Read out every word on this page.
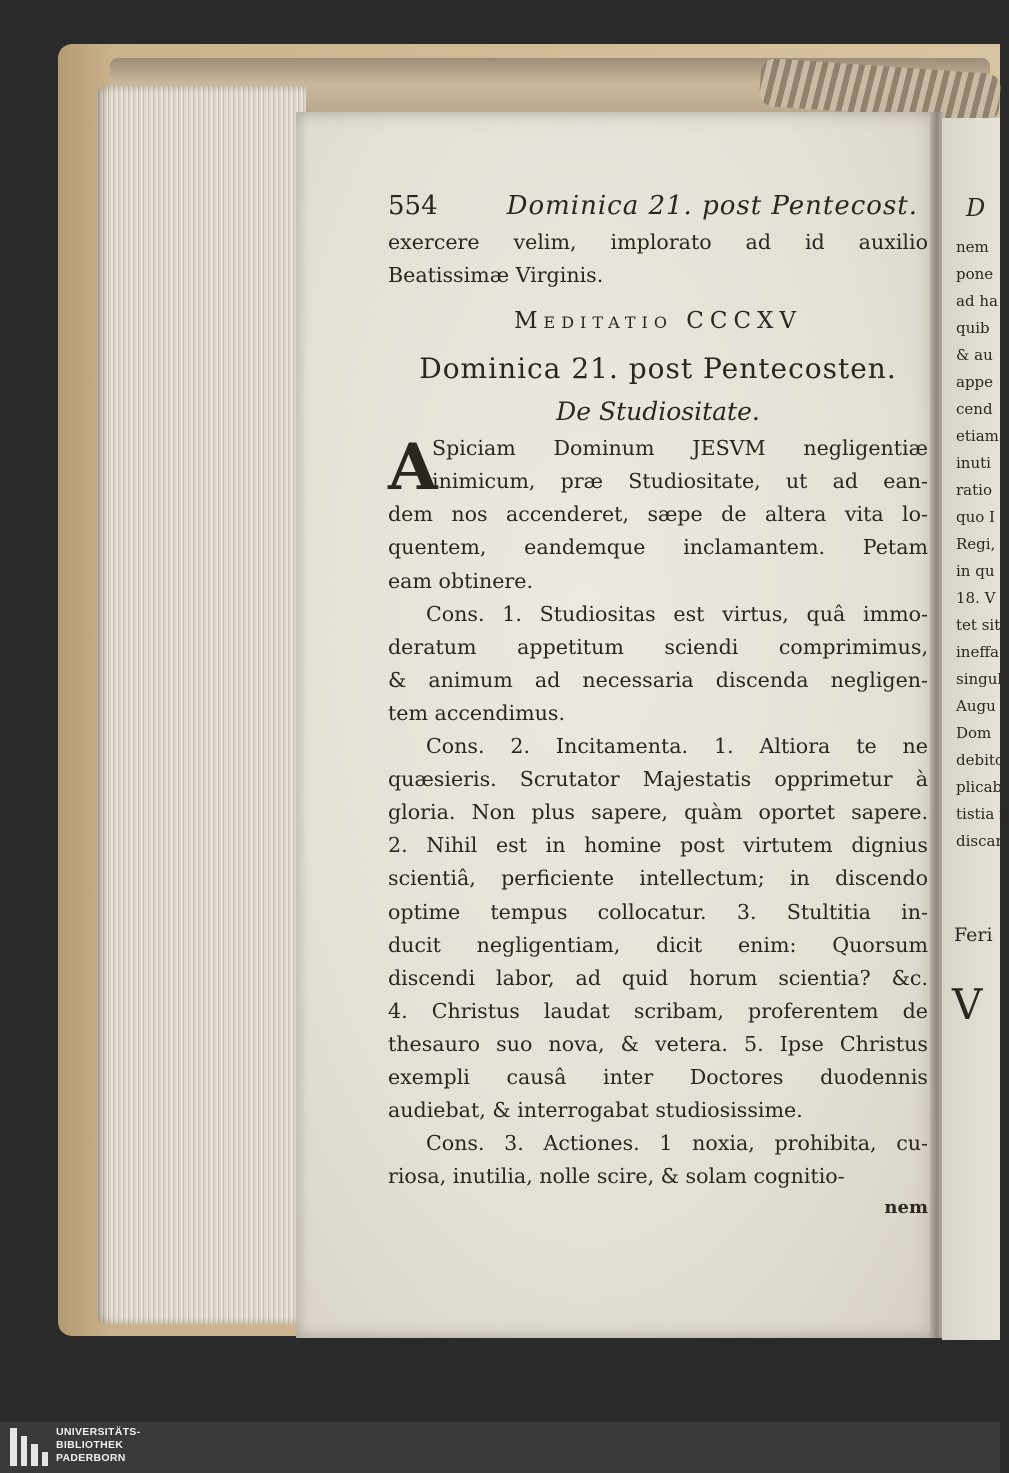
D
nem
pone
ad ha
quib
& au
appe
cend
etiam
inuti
ratio
quo I
Regi,
in qu
18. V
tet sit
ineffa
singul
Augu
Dom
debito
plicab
tistia n
discan
Feri
V
554	Dominica 21. post Pentecost.
exercere velim, implorato ad id auxilio
Beatissimæ Virginis.
Meditatio CCCXV
Dominica 21. post Pentecosten.
De Studiositate.
A
Spiciam Dominum JESVM negligentiæ
inimicum, præ Studiositate, ut ad ean-
dem nos accenderet, sæpe de altera vita lo-
quentem, eandemque inclamantem. Petam
eam obtinere.
Cons. 1. Studiositas est virtus, quâ immo-
deratum appetitum sciendi comprimimus,
& animum ad necessaria discenda negligen-
tem accendimus.
Cons. 2. Incitamenta. 1. Altiora te ne
quæsieris. Scrutator Majestatis opprimetur à
gloria. Non plus sapere, quàm oportet sapere.
2. Nihil est in homine post virtutem dignius
scientiâ, perficiente intellectum; in discendo
optime tempus collocatur. 3. Stultitia in-
ducit negligentiam, dicit enim: Quorsum
discendi labor, ad quid horum scientia? &c.
4. Christus laudat scribam, proferentem de
thesauro suo nova, & vetera. 5. Ipse Christus
exempli causâ inter Doctores duodennis
audiebat, & interrogabat studiosissime.
Cons. 3. Actiones. 1 noxia, prohibita, cu-
riosa, inutilia, nolle scire, & solam cognitio-
nem
UNIVERSITÄTS-
BIBLIOTHEK
PADERBORN
